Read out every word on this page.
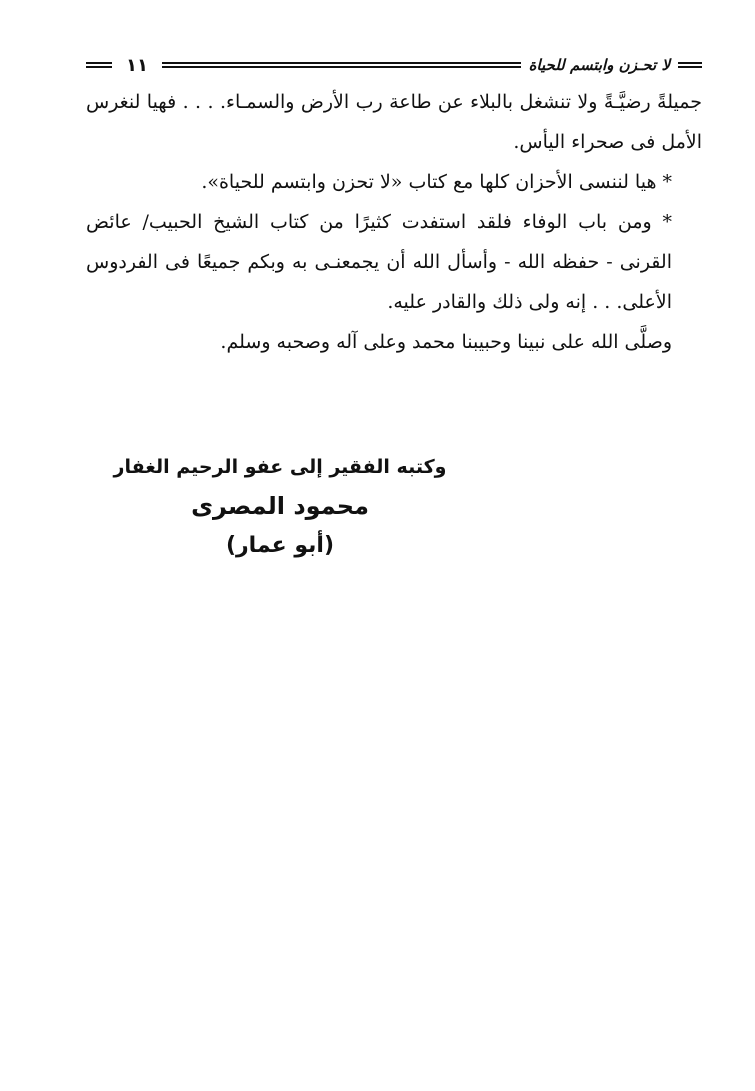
لا تحـزن وابتسم للحياة
١١

جميلةً رضيَّـةً ولا تنشغل بالبلاء عن طاعة رب الأرض والسمـاء. . . . فهيا لنغرس الأمل فى صحراء اليأس.

* هيا لننسى الأحزان كلها مع كتاب «لا تحزن وابتسم للحياة».

* ومن باب الوفاء فلقد استفدت كثيرًا من كتاب الشيخ الحبيب/ عائض القرنى - حفظه الله - وأسأل الله أن يجمعنـى به وبكم جميعًا فى الفردوس الأعلى. . . إنه ولى ذلك والقادر عليه.

وصلَّى الله على نبينا وحبيبنا محمد وعلى آله وصحبه وسلم.

وكتبه الفقير إلى عفو الرحيم الغفار
محمود المصرى
(أبو عمار)
